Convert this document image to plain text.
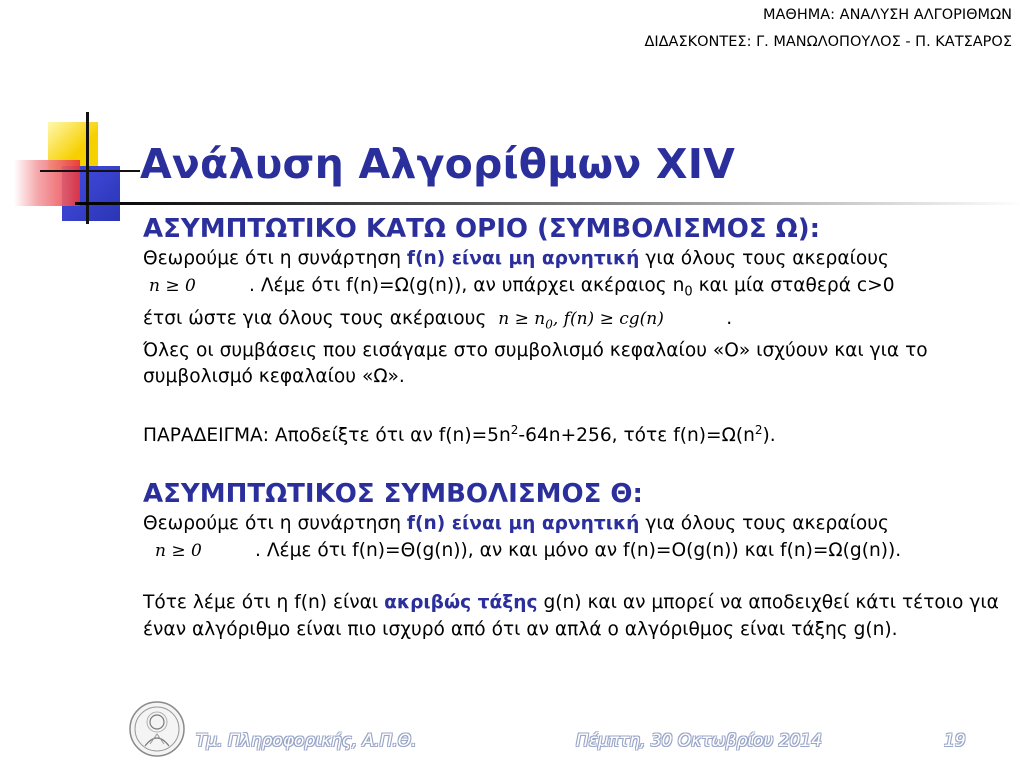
ΜΑΘΗΜΑ: ΑΝΑΛΥΣΗ ΑΛΓΟΡΙΘΜΩΝ
ΔΙΔΑΣΚΟΝΤΕΣ: Γ. ΜΑΝΩΛΟΠΟΥΛΟΣ - Π. ΚΑΤΣΑΡΟΣ
Ανάλυση Αλγορίθμων XIV
ΑΣΥΜΠΤΩΤΙΚΟ ΚΑΤΩ ΟΡΙΟ (ΣΥΜΒΟΛΙΣΜΟΣ Ω):
Θεωρούμε ότι η συνάρτηση f(n) είναι μη αρνητική για όλους τους ακεραίους
n ≥ 0	. Λέμε ότι f(n)=Ω(g(n)), αν υπάρχει ακέραιος $n_0$ και μία σταθερά c>0
έτσι ώστε για όλους τους ακέραιους $n \ge n_0$, f(n) ≥ cg(n)	.
Όλες οι συμβάσεις που εισάγαμε στο συμβολισμό κεφαλαίου «Ο» ισχύουν και για το συμβολισμό κεφαλαίου «Ω».
ΠΑΡΑΔΕΙΓΜΑ: Αποδείξτε ότι αν $f(n)=5n^2-64n+256$, τότε $f(n)=\Omega(n^2)$.
ΑΣΥΜΠΤΩΤΙΚΟΣ ΣΥΜΒΟΛΙΣΜΟΣ Θ:
Θεωρούμε ότι η συνάρτηση f(n) είναι μη αρνητική για όλους τους ακεραίους
n ≥ 0	. Λέμε ότι f(n)=Θ(g(n)), αν και μόνο αν f(n)=O(g(n)) και f(n)=Ω(g(n)).
Τότε λέμε ότι η f(n) είναι ακριβώς τάξης g(n) και αν μπορεί να αποδειχθεί κάτι τέτοιο για έναν αλγόριθμο είναι πιο ισχυρό από ότι αν απλά ο αλγόριθμος είναι τάξης g(n).
Τμ. Πληροφορικής, Α.Π.Θ.	Πέμπτη, 30 Οκτωβρίου 2014	19
